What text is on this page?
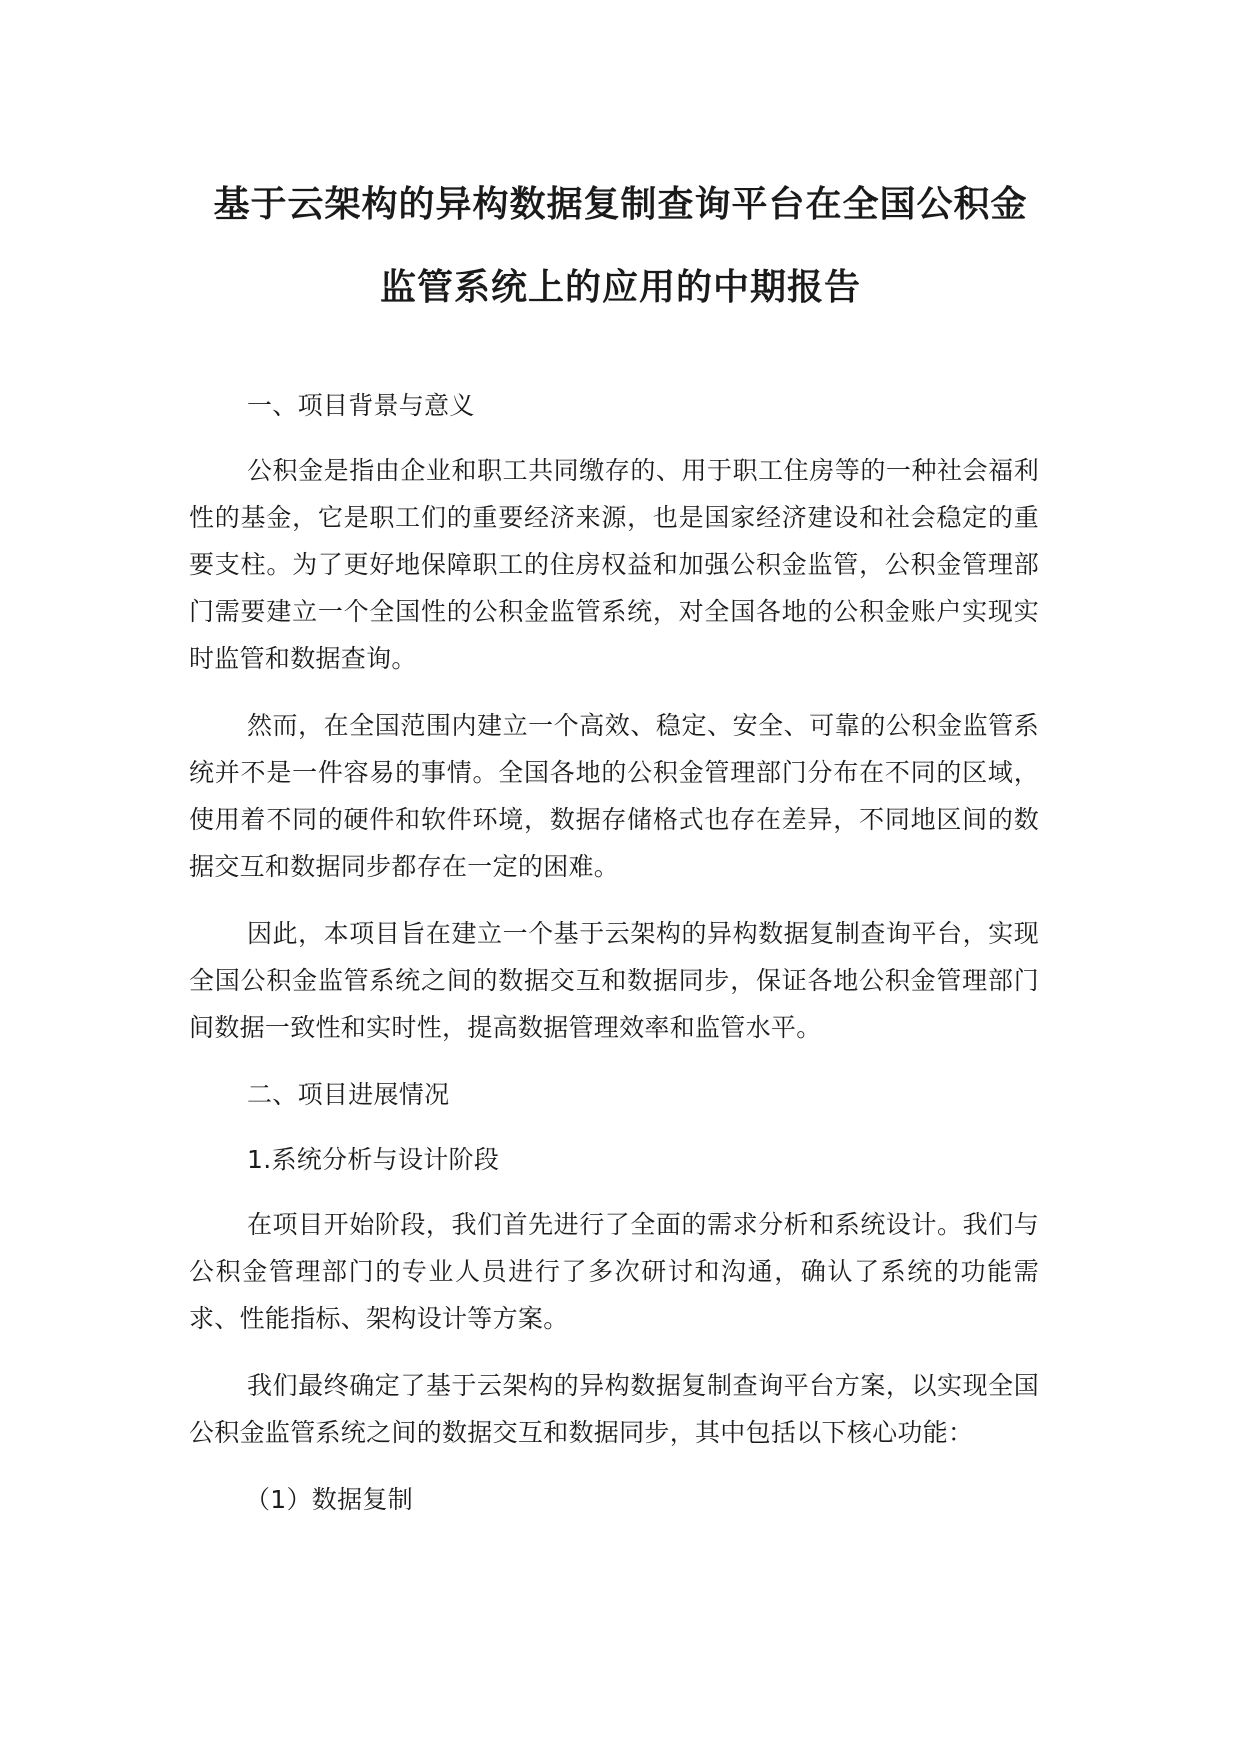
基于云架构的异构数据复制查询平台在全国公积金
监管系统上的应用的中期报告

一、项目背景与意义

公积金是指由企业和职工共同缴存的、用于职工住房等的一种社会福利性的基金，它是职工们的重要经济来源，也是国家经济建设和社会稳定的重要支柱。为了更好地保障职工的住房权益和加强公积金监管，公积金管理部门需要建立一个全国性的公积金监管系统，对全国各地的公积金账户实现实时监管和数据查询。

然而，在全国范围内建立一个高效、稳定、安全、可靠的公积金监管系统并不是一件容易的事情。全国各地的公积金管理部门分布在不同的区域，使用着不同的硬件和软件环境，数据存储格式也存在差异，不同地区间的数据交互和数据同步都存在一定的困难。

因此，本项目旨在建立一个基于云架构的异构数据复制查询平台，实现全国公积金监管系统之间的数据交互和数据同步，保证各地公积金管理部门间数据一致性和实时性，提高数据管理效率和监管水平。

二、项目进展情况

1.系统分析与设计阶段

在项目开始阶段，我们首先进行了全面的需求分析和系统设计。我们与公积金管理部门的专业人员进行了多次研讨和沟通，确认了系统的功能需求、性能指标、架构设计等方案。

我们最终确定了基于云架构的异构数据复制查询平台方案，以实现全国公积金监管系统之间的数据交互和数据同步，其中包括以下核心功能：

（1）数据复制
